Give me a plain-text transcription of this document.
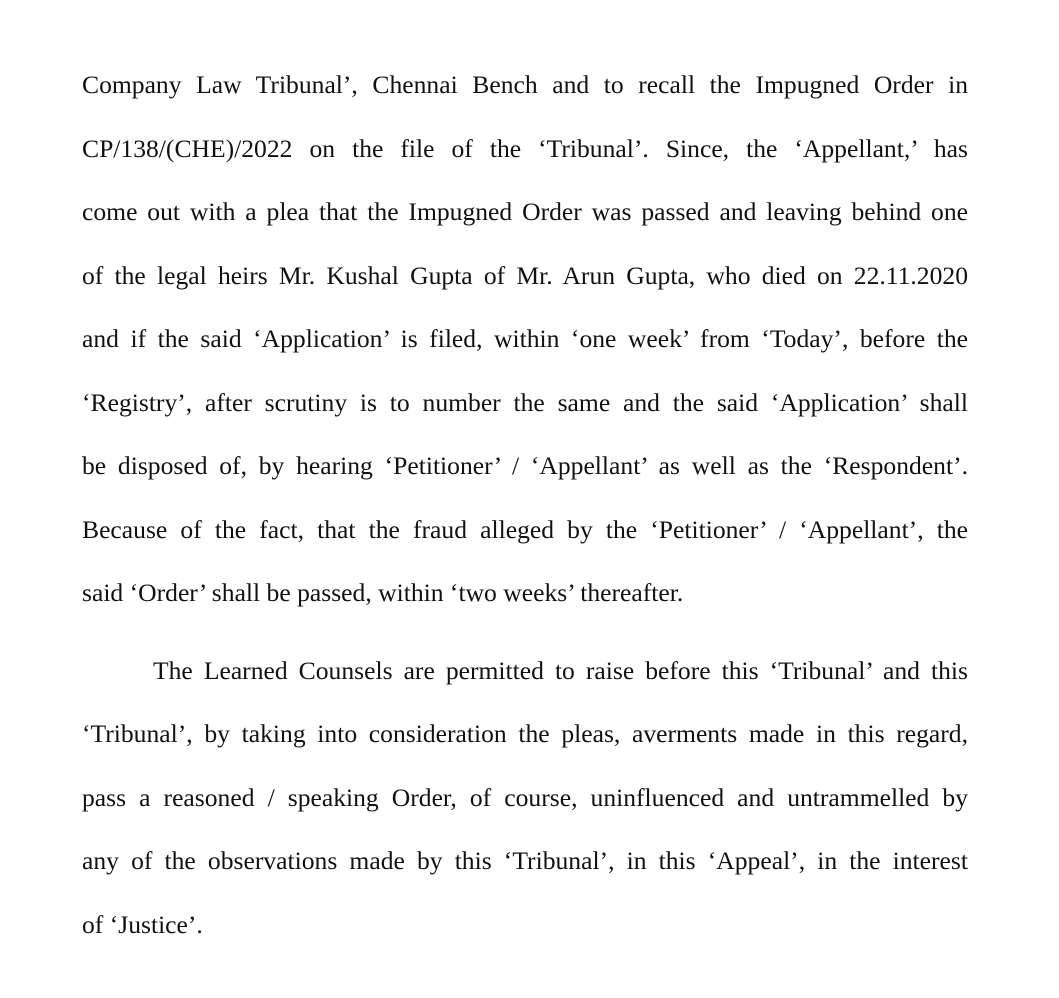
Company Law Tribunal’, Chennai Bench and to recall the Impugned Order in
CP/138/(CHE)/2022 on the file of the ‘Tribunal’. Since, the ‘Appellant,’ has
come out with a plea that the Impugned Order was passed and leaving behind one
of the legal heirs Mr. Kushal Gupta of Mr. Arun Gupta, who died on 22.11.2020
and if the said ‘Application’ is filed, within ‘one week’ from ‘Today’, before the
‘Registry’, after scrutiny is to number the same and the said ‘Application’ shall
be disposed of, by hearing ‘Petitioner’ / ‘Appellant’ as well as the ‘Respondent’.
Because of the fact, that the fraud alleged by the ‘Petitioner’ / ‘Appellant’, the
said ‘Order’ shall be passed, within ‘two weeks’ thereafter.
The Learned Counsels are permitted to raise before this ‘Tribunal’ and this
‘Tribunal’, by taking into consideration the pleas, averments made in this regard,
pass a reasoned / speaking Order, of course, uninfluenced and untrammelled by
any of the observations made by this ‘Tribunal’, in this ‘Appeal’, in the interest
of ‘Justice’.
